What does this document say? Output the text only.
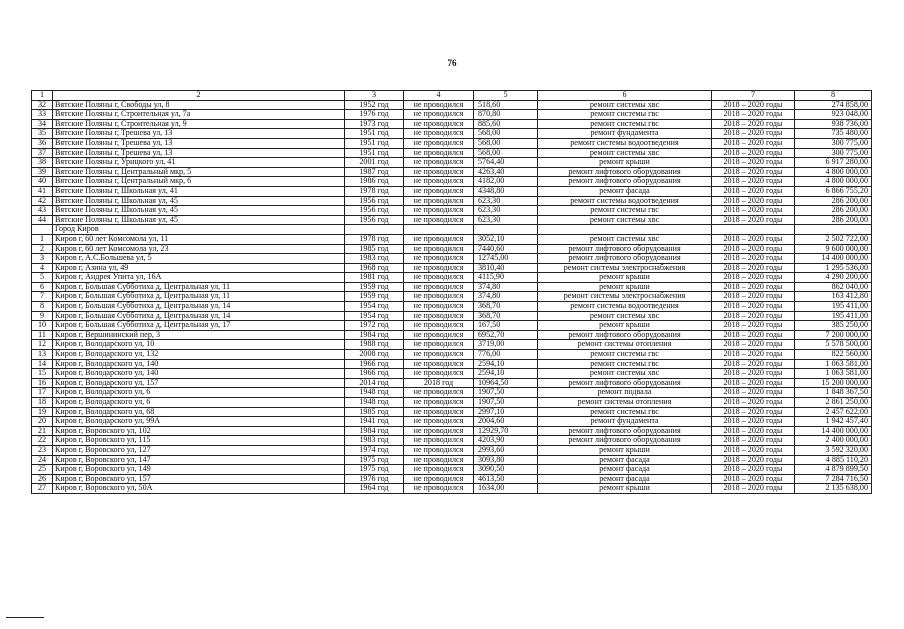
76
1	2	3	4	5	6	7	8
32	Вятские Поляны г, Свободы ул, 8	1952 год	не проводился	518,60	ремонт системы хвс	2018 – 2020 годы	274 858,00
33	Вятские Поляны г, Строительная ул, 7а	1976 год	не проводился	870,80	ремонт системы гвс	2018 – 2020 годы	923 048,00
34	Вятские Поляны г, Строительная ул, 9	1973 год	не проводился	885,60	ремонт системы гвс	2018 – 2020 годы	938 736,00
35	Вятские Поляны г, Трешева ул, 13	1951 год	не проводился	568,00	ремонт фундамента	2018 – 2020 годы	735 480,00
36	Вятские Поляны г, Трешева ул, 13	1951 год	не проводился	568,00	ремонт системы водоотведения	2018 – 2020 годы	300 775,00
37	Вятские Поляны г, Трешева ул, 13	1951 год	не проводился	568,00	ремонт системы хвс	2018 – 2020 годы	300 775,00
38	Вятские Поляны г, Урицкого ул, 41	2001 год	не проводился	5764,40	ремонт крыши	2018 – 2020 годы	6 917 280,00
39	Вятские Поляны г, Центральный мкр, 5	1987 год	не проводился	4263,40	ремонт лифтового оборудования	2018 – 2020 годы	4 800 000,00
40	Вятские Поляны г, Центральный мкр, 6	1986 год	не проводился	4182,00	ремонт лифтового оборудования	2018 – 2020 годы	4 800 000,00
41	Вятские Поляны г, Школьная ул, 41	1978 год	не проводился	4348,80	ремонт фасада	2018 – 2020 годы	6 866 755,20
42	Вятские Поляны г, Школьная ул, 45	1956 год	не проводился	623,30	ремонт системы водоотведения	2018 – 2020 годы	286 200,00
43	Вятские Поляны г, Школьная ул, 45	1956 год	не проводился	623,30	ремонт системы гвс	2018 – 2020 годы	286 200,00
44	Вятские Поляны г, Школьная ул, 45	1956 год	не проводился	623,30	ремонт системы хвс	2018 – 2020 годы	286 200,00
	Город Киров						
1	Киров г, 60 лет Комсомола ул, 11	1978 год	не проводился	3052,10	ремонт системы хвс	2018 – 2020 годы	2 502 722,00
2	Киров г, 60 лет Комсомола ул, 23	1985 год	не проводился	7440,60	ремонт лифтового оборудования	2018 – 2020 годы	9 600 000,00
3	Киров г, А.С.Большева ул, 5	1983 год	не проводился	12745,00	ремонт лифтового оборудования	2018 – 2020 годы	14 400 000,00
4	Киров г, Азина ул, 49	1968 год	не проводился	3810,40	ремонт системы электроснабжения	2018 – 2020 годы	1 295 536,00
5	Киров г, Андрея Упита ул, 16А	1981 год	не проводился	4115,90	ремонт крыши	2018 – 2020 годы	4 290 200,00
6	Киров г, Большая Субботиха д, Центральная ул, 11	1959 год	не проводился	374,80	ремонт крыши	2018 – 2020 годы	862 040,00
7	Киров г, Большая Субботиха д, Центральная ул, 11	1959 год	не проводился	374,80	ремонт системы электроснабжения	2018 – 2020 годы	163 412,80
8	Киров г, Большая Субботиха д, Центральная ул, 14	1954 год	не проводился	368,70	ремонт системы водоотведения	2018 – 2020 годы	195 411,00
9	Киров г, Большая Субботиха д, Центральная ул, 14	1954 год	не проводился	368,70	ремонт системы хвс	2018 – 2020 годы	195 411,00
10	Киров г, Большая Субботиха д, Центральная ул, 17	1972 год	не проводился	167,50	ремонт крыши	2018 – 2020 годы	385 250,00
11	Киров г, Вершининский пер, 3	1984 год	не проводился	6952,70	ремонт лифтового оборудования	2018 – 2020 годы	7 200 000,00
12	Киров г, Володарского ул, 10	1988 год	не проводился	3719,00	ремонт системы отопления	2018 – 2020 годы	5 578 500,00
13	Киров г, Володарского ул, 132	2008 год	не проводился	776,00	ремонт системы гвс	2018 – 2020 годы	822 560,00
14	Киров г, Володарского ул, 140	1966 год	не проводился	2594,10	ремонт системы гвс	2018 – 2020 годы	1 063 581,00
15	Киров г, Володарского ул, 140	1966 год	не проводился	2594,10	ремонт системы хвс	2018 – 2020 годы	1 063 581,00
16	Киров г, Володарского ул, 157	2014 год	2018 год	10964,50	ремонт лифтового оборудования	2018 – 2020 годы	15 200 000,00
17	Киров г, Володарского ул, 6	1948 год	не проводился	1907,50	ремонт подвала	2018 – 2020 годы	1 848 367,50
18	Киров г, Володарского ул, 6	1948 год	не проводился	1907,50	ремонт системы отопления	2018 – 2020 годы	2 861 250,00
19	Киров г, Володарского ул, 68	1985 год	не проводился	2997,10	ремонт системы гвс	2018 – 2020 годы	2 457 622,00
20	Киров г, Володарского ул, 99А	1941 год	не проводился	2004,60	ремонт фундамента	2018 – 2020 годы	1 942 457,40
21	Киров г, Воровского ул, 102	1984 год	не проводился	12929,70	ремонт лифтового оборудования	2018 – 2020 годы	14 400 000,00
22	Киров г, Воровского ул, 115	1983 год	не проводился	4203,90	ремонт лифтового оборудования	2018 – 2020 годы	2 400 000,00
23	Киров г, Воровского ул, 127	1974 год	не проводился	2993,60	ремонт крыши	2018 – 2020 годы	3 592 320,00
24	Киров г, Воровского ул, 147	1975 год	не проводился	3093,80	ремонт фасада	2018 – 2020 годы	4 885 110,20
25	Киров г, Воровского ул, 149	1975 год	не проводился	3090,50	ремонт фасада	2018 – 2020 годы	4 879 899,50
26	Киров г, Воровского ул, 157	1976 год	не проводился	4613,50	ремонт фасада	2018 – 2020 годы	7 284 716,50
27	Киров г, Воровского ул, 50А	1964 год	не проводился	1634,00	ремонт крыши	2018 – 2020 годы	2 135 638,00
